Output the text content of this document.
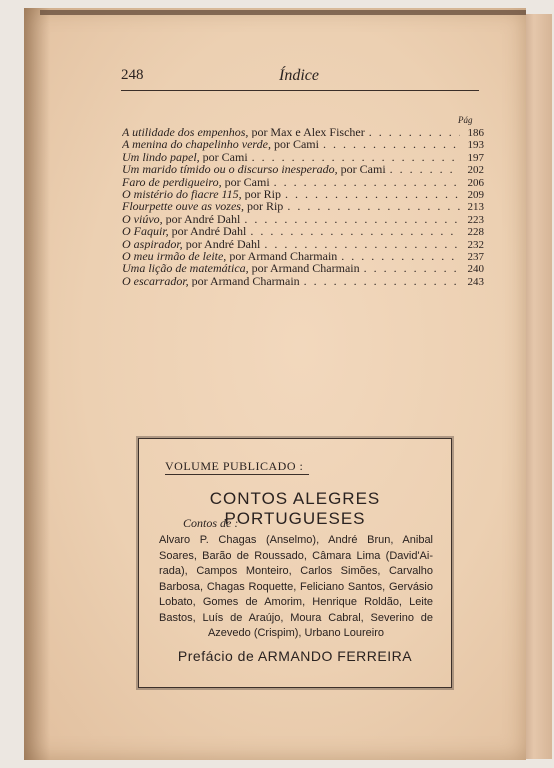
248	Índice
Pág
A utilidade dos empenhos, por Max e Alex Fischer . . .	186
A menina do chapelinho verde, por Cami . . .	193
Um lindo papel, por Cami . . .	197
Um marido tímido ou o discurso inesperado, por Cami . . .	202
Faro de perdigueiro, por Cami . . .	206
O mistério do fiacre 115, por Rip . . .	209
Flourpette ouve as vozes, por Rip . . .	213
O viúvo, por André Dahl . . .	223
O Faquir, por André Dahl . . .	228
O aspirador, por André Dahl . . .	232
O meu irmão de leite, por Armand Charmain . . .	237
Uma lição de matemática, por Armand Charmain . . .	240
O escarrador, por Armand Charmain . . .	243
VOLUME PUBLICADO :
CONTOS ALEGRES PORTUGUESES
Contos de :
Alvaro P. Chagas (Anselmo), André Brun, Anibal Soares, Barão de Roussado, Câmara Lima (David'Ai-rada), Campos Monteiro, Carlos Simões, Carvalho Barbosa, Chagas Roquette, Feliciano Santos, Gervásio Lobato, Gomes de Amorim, Henrique Roldão, Leite Bastos, Luís de Araújo, Moura Cabral, Severino de Azevedo (Crispim), Urbano Loureiro
Prefácio de ARMANDO FERREIRA
